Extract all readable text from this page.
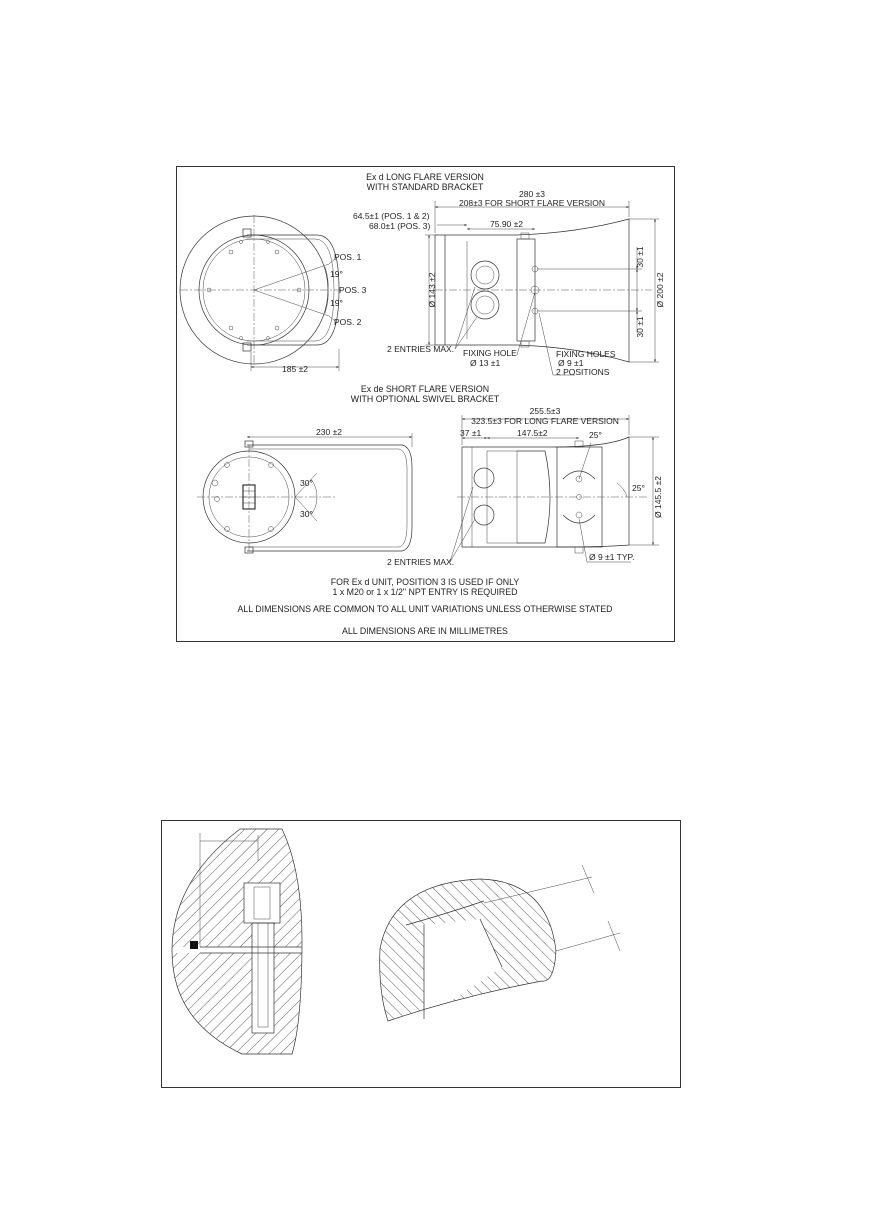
Ex d LONG FLARE VERSION
WITH STANDARD BRACKET
POS. 1
19°
POS. 3
19°
POS. 2
185 ±2
280 ±3
208±3 FOR SHORT FLARE VERSION
64.5±1 (POS. 1 & 2)
68.0±1 (POS. 3)	75.90 ±2
Ø 143 ±2
30 ±1
30 ±1
Ø 200 ±2
2 ENTRIES MAX. FIXING HOLE
Ø 13 ±1
FIXING HOLES
Ø 9 ±1
2 POSITIONS
Ex de SHORT FLARE VERSION
WITH OPTIONAL SWIVEL BRACKET
30°
30°
230 ±2
255.5±3
323.5±3 FOR LONG FLARE VERSION
37 ±1	147.5±2	25°
25° Ø 145.5 ±2
2 ENTRIES MAX.	Ø 9 ±1 TYP.
FOR Ex d UNIT, POSITION 3 IS USED IF ONLY
1 x M20 or 1 x 1/2" NPT ENTRY IS REQUIRED
ALL DIMENSIONS ARE COMMON TO ALL UNIT VARIATIONS UNLESS OTHERWISE STATED
ALL DIMENSIONS ARE IN MILLIMETRES
